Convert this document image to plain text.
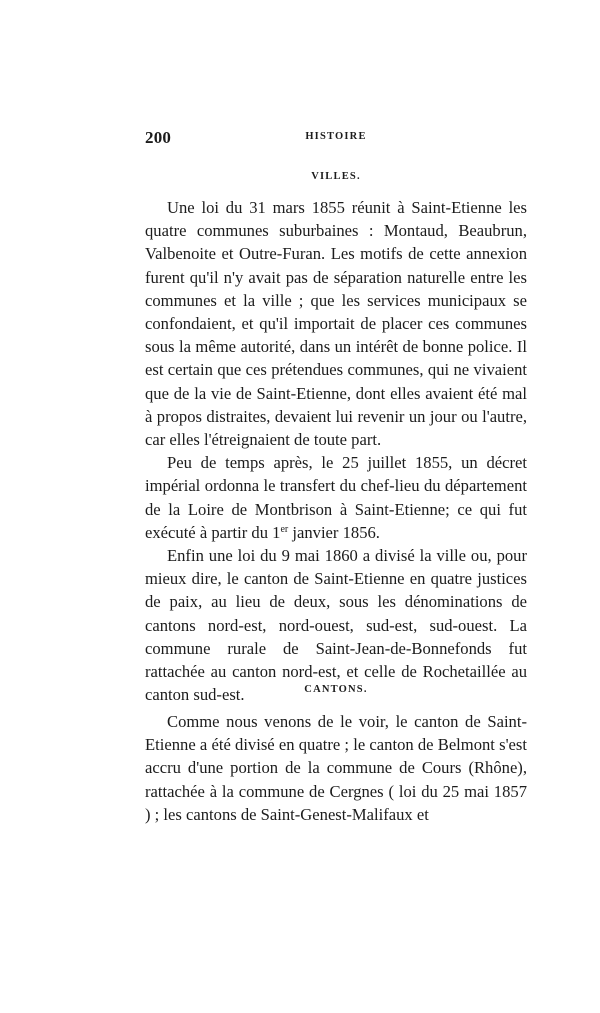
200	HISTOIRE
VILLES.

Une loi du 31 mars 1855 réunit à Saint-Etienne les quatre communes suburbaines : Montaud, Beaubrun, Valbenoite et Outre-Furan. Les motifs de cette annexion furent qu'il n'y avait pas de séparation naturelle entre les communes et la ville ; que les services municipaux se confondaient, et qu'il importait de placer ces communes sous la même autorité, dans un intérêt de bonne police. Il est certain que ces prétendues communes, qui ne vivaient que de la vie de Saint-Etienne, dont elles avaient été mal à propos distraites, devaient lui revenir un jour ou l'autre, car elles l'étreignaient de toute part.

Peu de temps après, le 25 juillet 1855, un décret impérial ordonna le transfert du chef-lieu du département de la Loire de Montbrison à Saint-Etienne; ce qui fut exécuté à partir du 1er janvier 1856.

Enfin une loi du 9 mai 1860 a divisé la ville ou, pour mieux dire, le canton de Saint-Etienne en quatre justices de paix, au lieu de deux, sous les dénominations de cantons nord-est, nord-ouest, sud-est, sud-ouest. La commune rurale de Saint-Jean-de-Bonnefonds fut rattachée au canton nord-est, et celle de Rochetaillée au canton sud-est.	CANTONS.

Comme nous venons de le voir, le canton de Saint-Etienne a été divisé en quatre ; le canton de Belmont s'est accru d'une portion de la commune de Cours (Rhône), rattachée à la commune de Cergnes ( loi du 25 mai 1857 ) ; les cantons de Saint-Genest-Malifaux et
